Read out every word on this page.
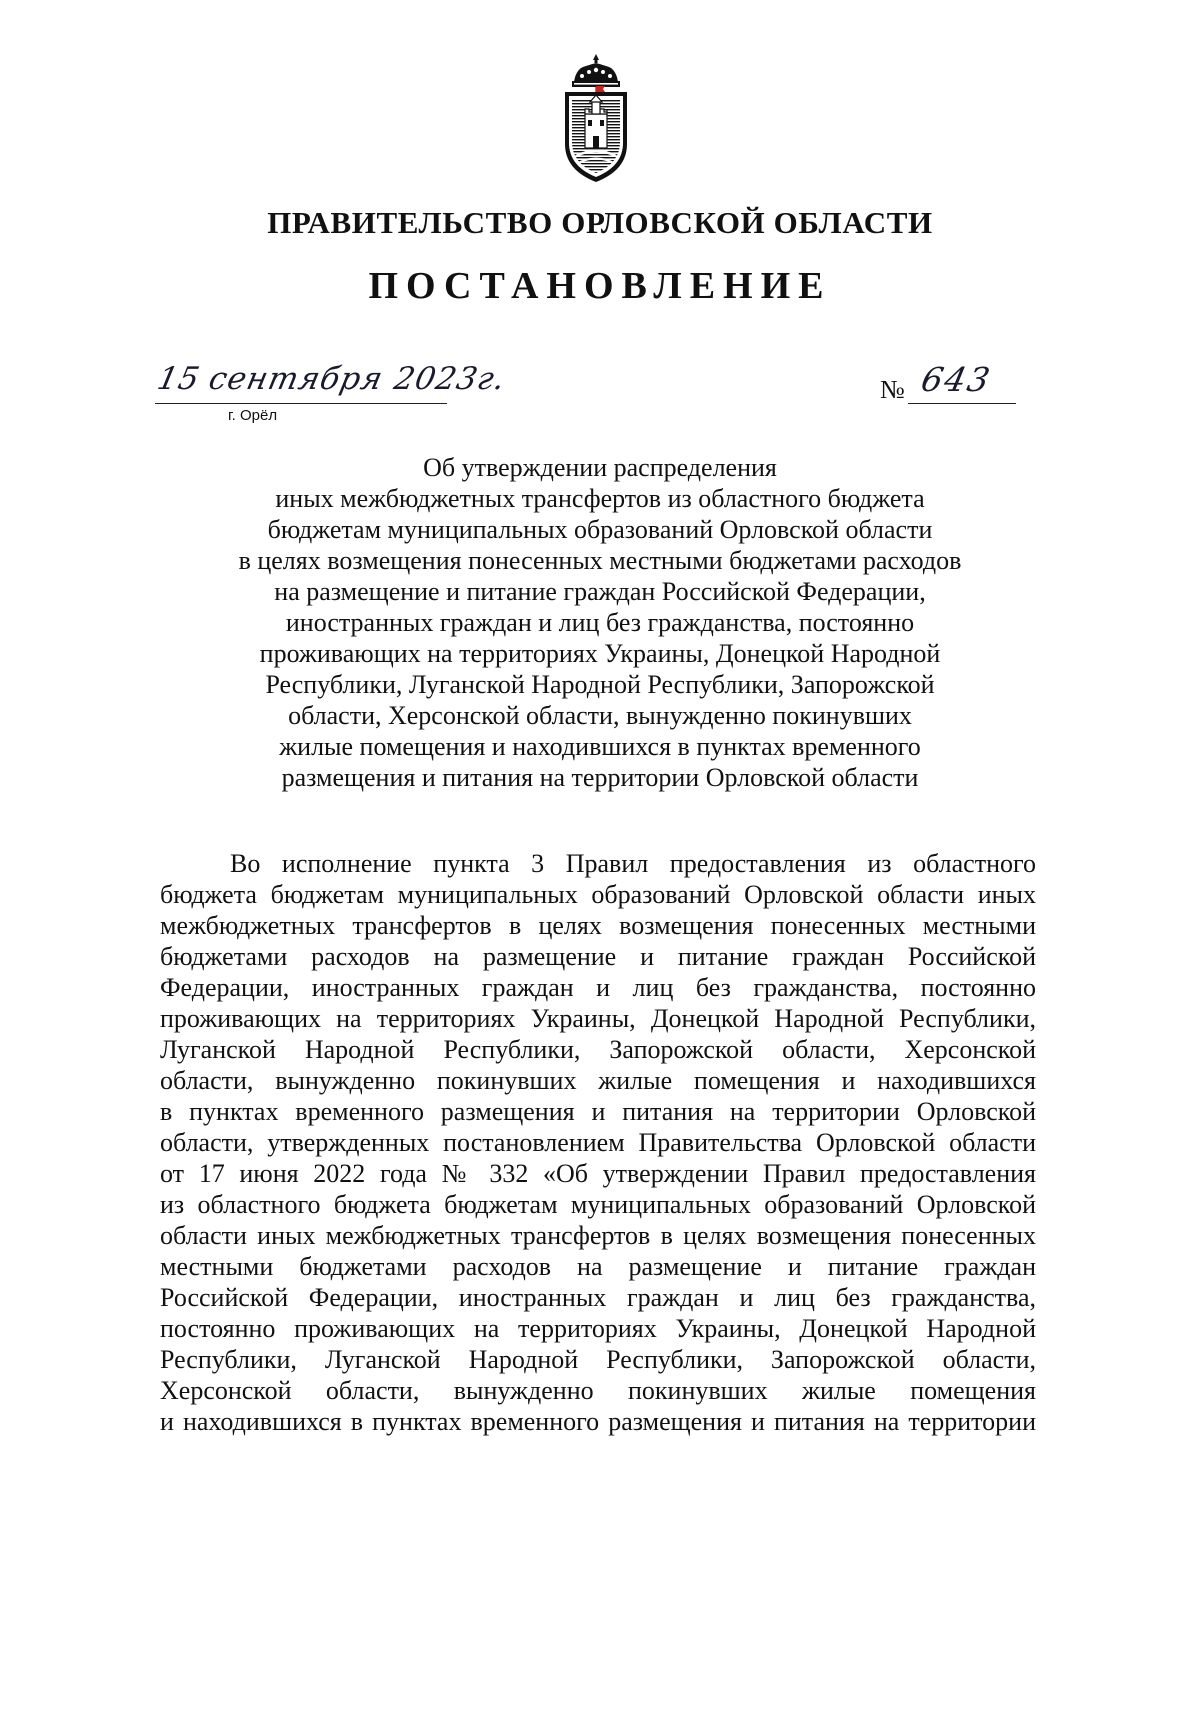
ПРАВИТЕЛЬСТВО ОРЛОВСКОЙ ОБЛАСТИ
ПОСТАНОВЛЕНИЕ
15сентября 2023г.
г. Орёл
№ 643
Об утверждении распределения
иных межбюджетных трансфертов из областного бюджета
бюджетам муниципальных образований Орловской области
в целях возмещения понесенных местными бюджетами расходов
на размещение и питание граждан Российской Федерации,
иностранных граждан и лиц без гражданства, постоянно
проживающих на территориях Украины, Донецкой Народной
Республики, Луганской Народной Республики, Запорожской
области, Херсонской области, вынужденно покинувших
жилые помещения и находившихся в пунктах временного
размещения и питания на территории Орловской области
Во исполнение пункта 3 Правил предоставления из областного
бюджета бюджетам муниципальных образований Орловской области иных
межбюджетных трансфертов в целях возмещения понесенных местными
бюджетами расходов на размещение и питание граждан Российской
Федерации, иностранных граждан и лиц без гражданства, постоянно
проживающих на территориях Украины, Донецкой Народной Республики,
Луганской Народной Республики, Запорожской области, Херсонской
области, вынужденно покинувших жилые помещения и находившихся
в пунктах временного размещения и питания на территории Орловской
области, утвержденных постановлением Правительства Орловской области
от 17 июня 2022 года № 332 «Об утверждении Правил предоставления
из областного бюджета бюджетам муниципальных образований Орловской
области иных межбюджетных трансфертов в целях возмещения понесенных
местными бюджетами расходов на размещение и питание граждан
Российской Федерации, иностранных граждан и лиц без гражданства,
постоянно проживающих на территориях Украины, Донецкой Народной
Республики, Луганской Народной Республики, Запорожской области,
Херсонской области, вынужденно покинувших жилые помещения
и находившихся в пунктах временного размещения и питания на территории
